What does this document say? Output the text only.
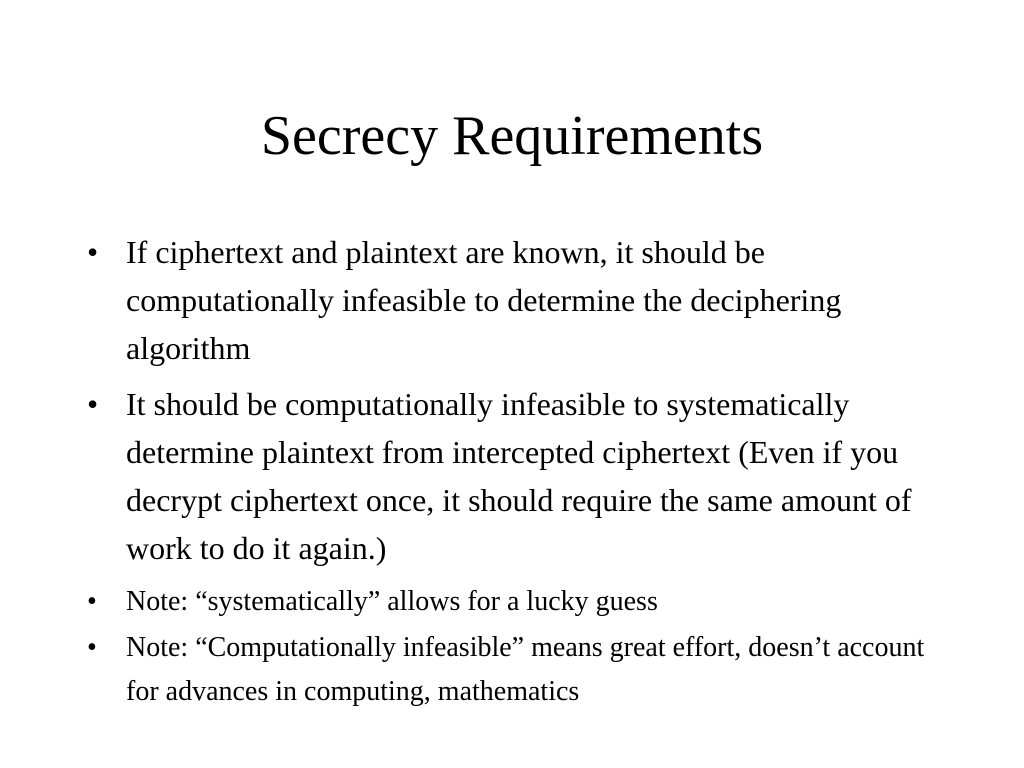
Secrecy Requirements
• If ciphertext and plaintext are known, it should be computationally infeasible to determine the deciphering algorithm
• It should be computationally infeasible to systematically determine plaintext from intercepted ciphertext (Even if you decrypt ciphertext once, it should require the same amount of work to do it again.)
• Note: “systematically” allows for a lucky guess
• Note: “Computationally infeasible” means great effort, doesn’t account for advances in computing, mathematics
